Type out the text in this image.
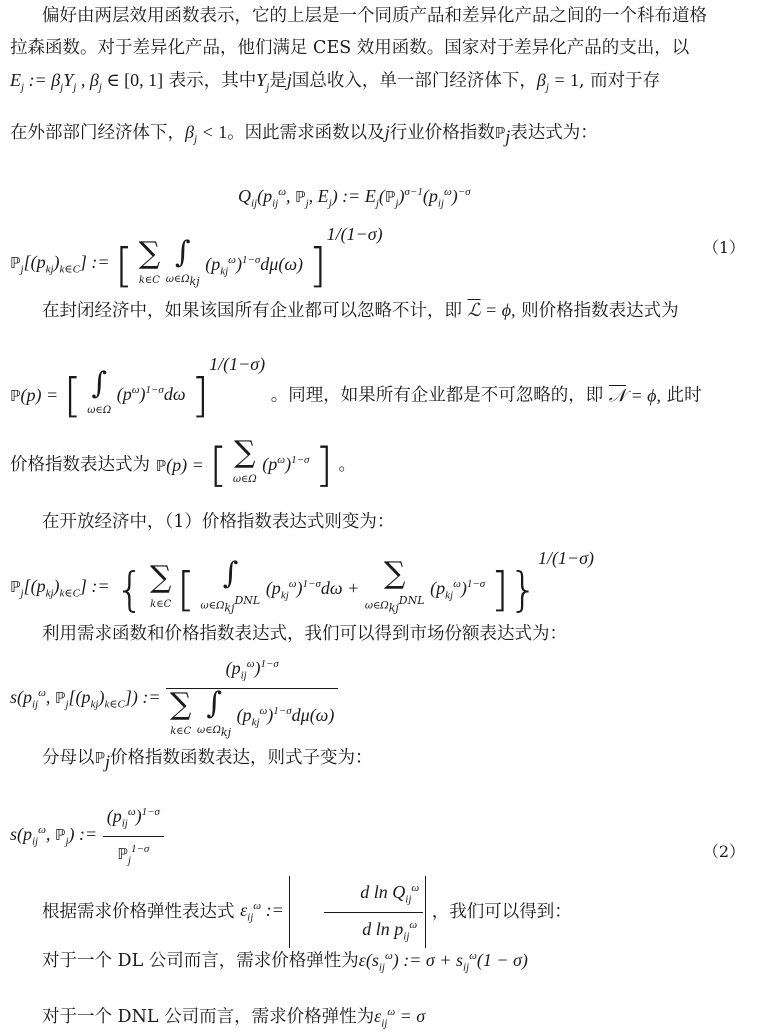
偏好由两层效用函数表示，它的上层是一个同质产品和差异化产品之间的一个科布道格
拉森函数。对于差异化产品，他们满足 CES 效用函数。国家对于差异化产品的支出，以
$E_j$ := $\beta_jY_j$ , $\beta_j$ ∈ [0, 1] 表示，其中$Y_j$是j国总收入，单一部门经济体下，$\beta_j = 1$, 而对于存
在外部部门经济体下，$\beta_j < 1$。因此需求函数以及j行业价格指数ℙ$_j$表达式为：
$Q_{ij}(p_{ij}^\omega$, ℙ$_j$, $E_j$) := $E_j(ℙ_j)^{\sigma-1}(p_{ij}^\omega)^{-\sigma}$
$ℙ_j[(p_{kj})_{k\in C}]$ := [ ∑
k∈C

∫
$\omega\in\Omega_{kj}$
$(p_{kj}^\omega)^{1-\sigma}d\mu(\omega)$ ]$^{1/(1-\sigma)}$
（1）
在封闭经济中，如果该国所有企业都可以忽略不计，即 ℒ = ϕ, 则价格指数表达式为
ℙ(p) = [ ∫
ω∈Ω
$(p^\omega)^{1-\sigma}d\omega$ ]$^{1/(1-\sigma)}$ 。同理，如果所有企业都是不可忽略的，即 𝒩 = ϕ, 此时
价格指数表达式为 ℙ(p) = [ ∑
ω∈Ω
$(p^\omega)^{1-\sigma}$ ] 。
在开放经济中，（1）价格指数表达式则变为：
$ℙ_j[(p_{kj})_{k\in C}]$ := { ∑
k∈C [ ∫
$\omega\in\Omega_{kj}^{DNL}$
$(p_{kj}^\omega)^{1-\sigma}d\omega$ + ∑
$\omega\in\Omega_{kj}^{DNL}$
$(p_{kj}^\omega)^{1-\sigma}$ ]}$^{1/(1-\sigma)}$
利用需求函数和价格指数表达式，我们可以得到市场份额表达式为：
$s(p_{ij}^\omega$, $ℙ_j[(p_{kj})_{k\in C}]$) := $(p_{ij}^\omega)^{1-\sigma}$
∑
k∈C

∫
$\omega\in\Omega_{kj}$
$(p_{kj}^\omega)^{1-\sigma}d\mu(\omega)$
分母以ℙ$_j$价格指数函数表达，则式子变为：
$s(p_{ij}^\omega$, ℙ$_j$) := $\frac{(p_{ij}^\omega)^{1-\sigma}}{ℙ_j^{1-\sigma}}$	（2）
根据需求价格弹性表达式 $\varepsilon_{ij}^\omega$ := $\frac{d \ln Q_{ij}^\omega}{d \ln p_{ij}^\omega}$ ，我们可以得到：
对于一个 DL 公司而言，需求价格弹性为$\varepsilon(s_{ij}^\omega)$ := $\sigma + s_{ij}^\omega(1 - \sigma)$
对于一个 DNL 公司而言，需求价格弹性为$\varepsilon_{ij}^\omega = \sigma$
